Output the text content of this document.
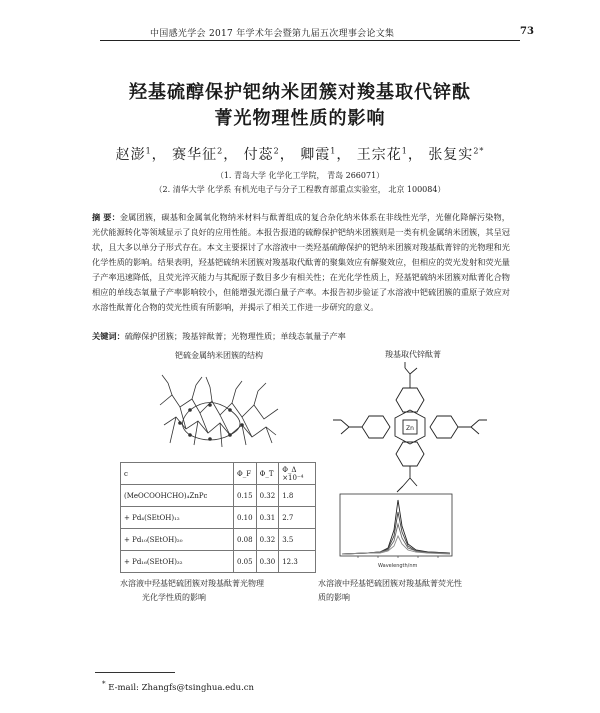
中国感光学会 2017 年学术年会暨第九届五次理事会论文集	73
羟基硫醇保护钯纳米团簇对羧基取代锌酞
菁光物理性质的影响
赵澎$^1$， 赛华征$^2$， 付蕊$^2$， 卿霞$^1$， 王宗花$^1$， 张复实$^{2*}$
（1. 青岛大学 化学化工学院， 青岛 266071）
（2. 清华大学 化学系 有机光电子与分子工程教育部重点实验室， 北京 100084）
摘 要：金属团簇，碳基和金属氧化物纳米材料与酞菁组成的复合杂化纳米体系在非线性光学，光催化降解污染物，光伏能源转化等领域显示了良好的应用性能。本报告报道的硫醇保护钯纳米团簇则是一类有机金属纳米团簇，其呈冠状，且大多以单分子形式存在。本文主要探讨了水溶液中一类羟基硫醇保护的钯纳米团簇对羧基酞菁锌的光物理和光化学性质的影响。结果表明，羟基钯硫纳米团簇对羧基取代酞菁的聚集效应有解聚效应，但相应的荧光发射和荧光量子产率迅速降低，且荧光淬灭能力与其配原子数目多少有相关性；在光化学性质上，羟基钯硫纳米团簇对酞菁化合物相应的单线态氧量子产率影响较小，但能增强光漂白量子产率。本报告初步验证了水溶液中钯硫团簇的重原子效应对水溶性酞菁化合物的荧光性质有所影响，并揭示了相关工作进一步研究的意义。
关键词：硫醇保护团簇；羧基锌酞菁；光物理性质；单线态氧量子产率
钯硫金属纳米团簇的结构	羧基取代锌酞菁
Zn
c	Φ_F	Φ_T	Φ_Δ ×10⁻⁴
(MeOCOOHCHO)₄ZnPc	0.15	0.32	1.8
+ Pd₄(SEtOH)₁₂	0.10	0.31	2.7
+ Pd₁₀(SEtOH)₂₀	0.08	0.32	3.5
+ Pd₁₆(SEtOH)₃₂	0.05	0.30	12.3
水溶液中羟基钯硫团簇对羧基酞菁光物理
光化学性质的影响
Wavelength/nm
水溶液中羟基钯硫团簇对羧基酞菁荧光性
质的影响
* E-mail: Zhangfs@tsinghua.edu.cn
